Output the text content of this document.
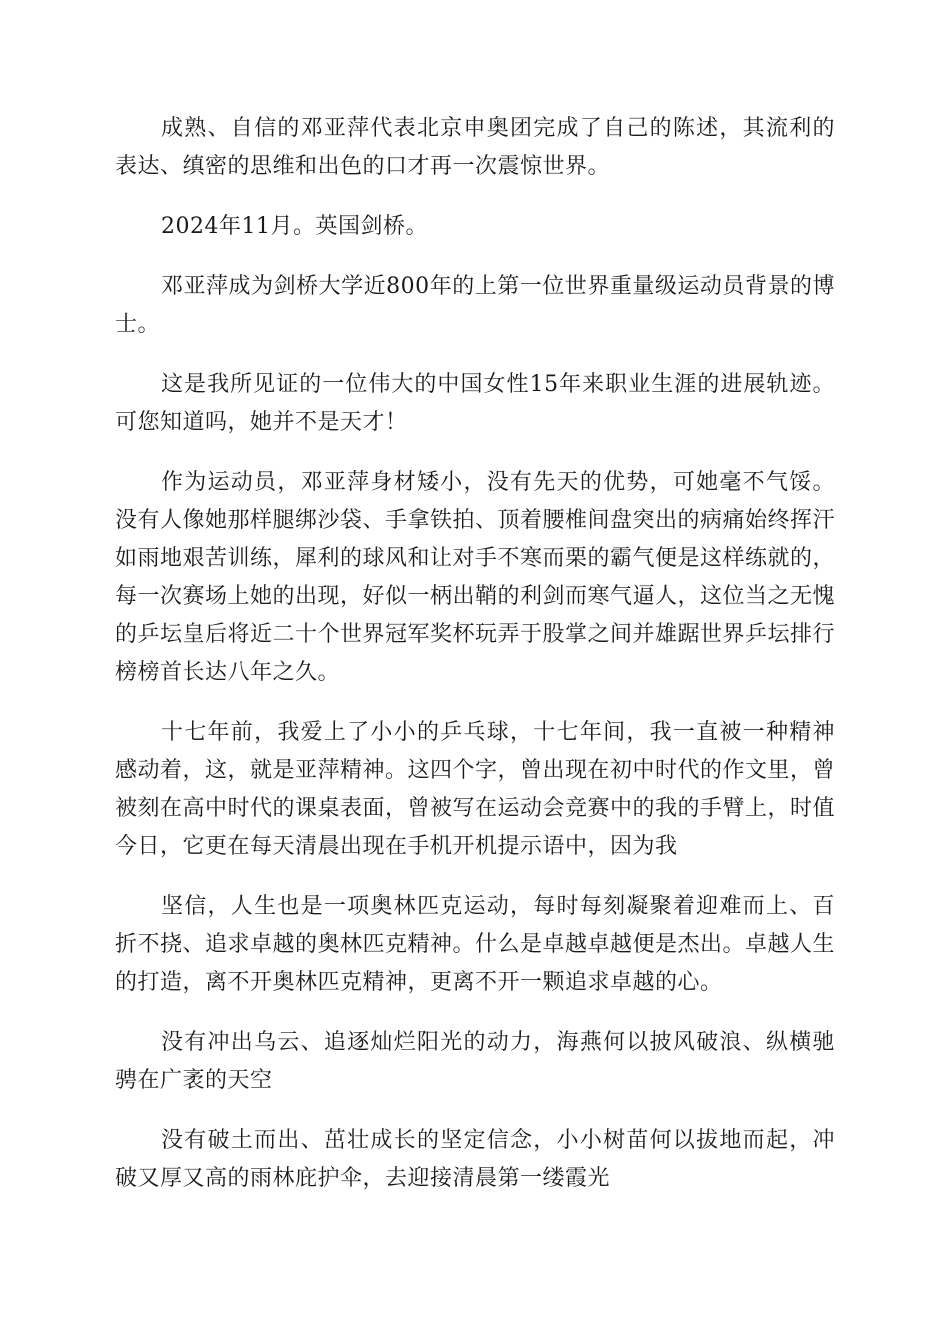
成熟、自信的邓亚萍代表北京申奥团完成了自己的陈述，其流利的表达、缜密的思维和出色的口才再一次震惊世界。

2024年11月。英国剑桥。

邓亚萍成为剑桥大学近800年的上第一位世界重量级运动员背景的博士。

这是我所见证的一位伟大的中国女性15年来职业生涯的进展轨迹。可您知道吗，她并不是天才！

作为运动员，邓亚萍身材矮小，没有先天的优势，可她毫不气馁。没有人像她那样腿绑沙袋、手拿铁拍、顶着腰椎间盘突出的病痛始终挥汗如雨地艰苦训练，犀利的球风和让对手不寒而栗的霸气便是这样练就的，每一次赛场上她的出现，好似一柄出鞘的利剑而寒气逼人，这位当之无愧的乒坛皇后将近二十个世界冠军奖杯玩弄于股掌之间并雄踞世界乒坛排行榜榜首长达八年之久。

十七年前，我爱上了小小的乒乓球，十七年间，我一直被一种精神感动着，这，就是亚萍精神。这四个字，曾出现在初中时代的作文里，曾被刻在高中时代的课桌表面，曾被写在运动会竞赛中的我的手臂上，时值今日，它更在每天清晨出现在手机开机提示语中，因为我

坚信，人生也是一项奥林匹克运动，每时每刻凝聚着迎难而上、百折不挠、追求卓越的奥林匹克精神。什么是卓越卓越便是杰出。卓越人生的打造，离不开奥林匹克精神，更离不开一颗追求卓越的心。

没有冲出乌云、追逐灿烂阳光的动力，海燕何以披风破浪、纵横驰骋在广袤的天空

没有破土而出、茁壮成长的坚定信念，小小树苗何以拔地而起，冲破又厚又高的雨林庇护伞，去迎接清晨第一缕霞光
